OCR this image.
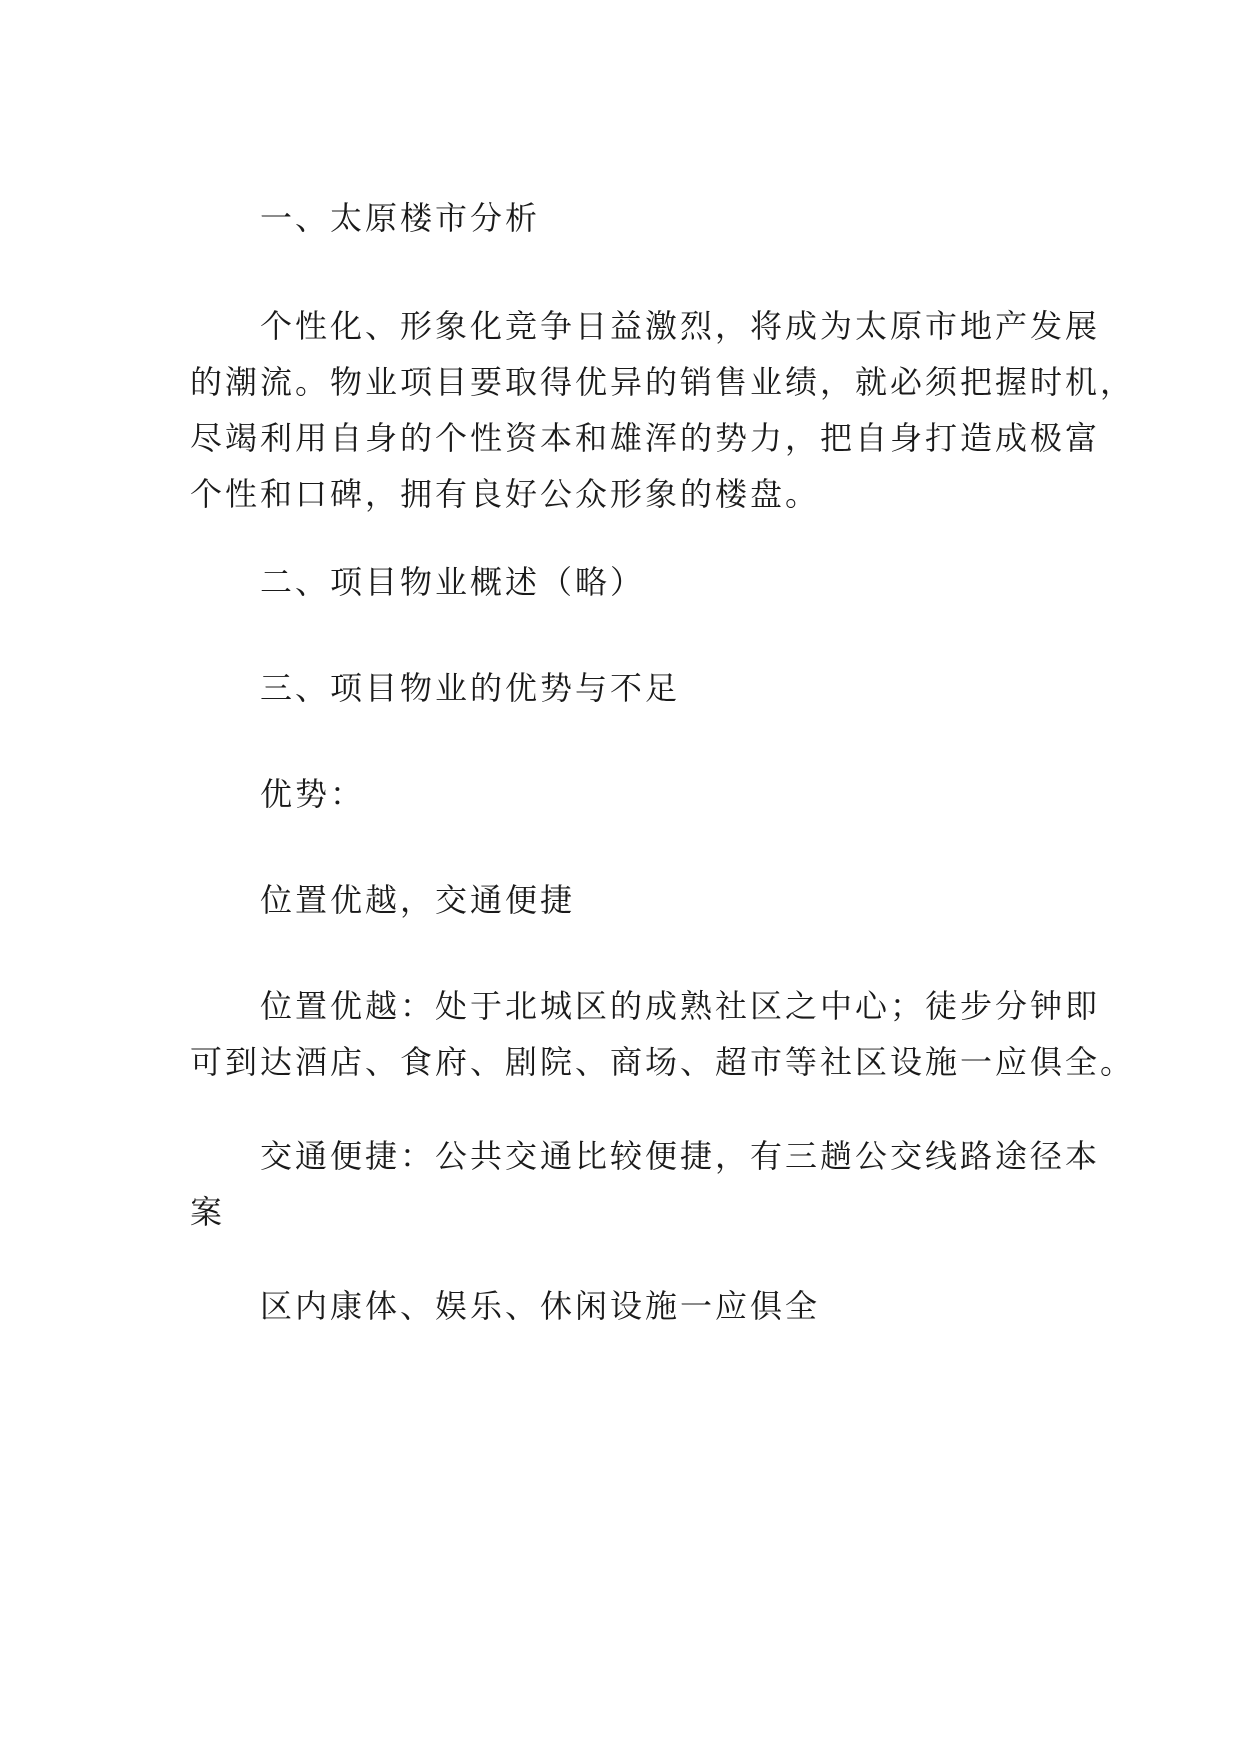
一、太原楼市分析

个性化、形象化竞争日益激烈，将成为太原市地产发展
的潮流。物业项目要取得优异的销售业绩，就必须把握时机，
尽竭利用自身的个性资本和雄浑的势力，把自身打造成极富
个性和口碑，拥有良好公众形象的楼盘。

二、项目物业概述（略）

三、项目物业的优势与不足

优势：

位置优越，交通便捷

位置优越：处于北城区的成熟社区之中心；徒步分钟即
可到达酒店、食府、剧院、商场、超市等社区设施一应俱全。

交通便捷：公共交通比较便捷，有三趟公交线路途径本
案

区内康体、娱乐、休闲设施一应俱全
